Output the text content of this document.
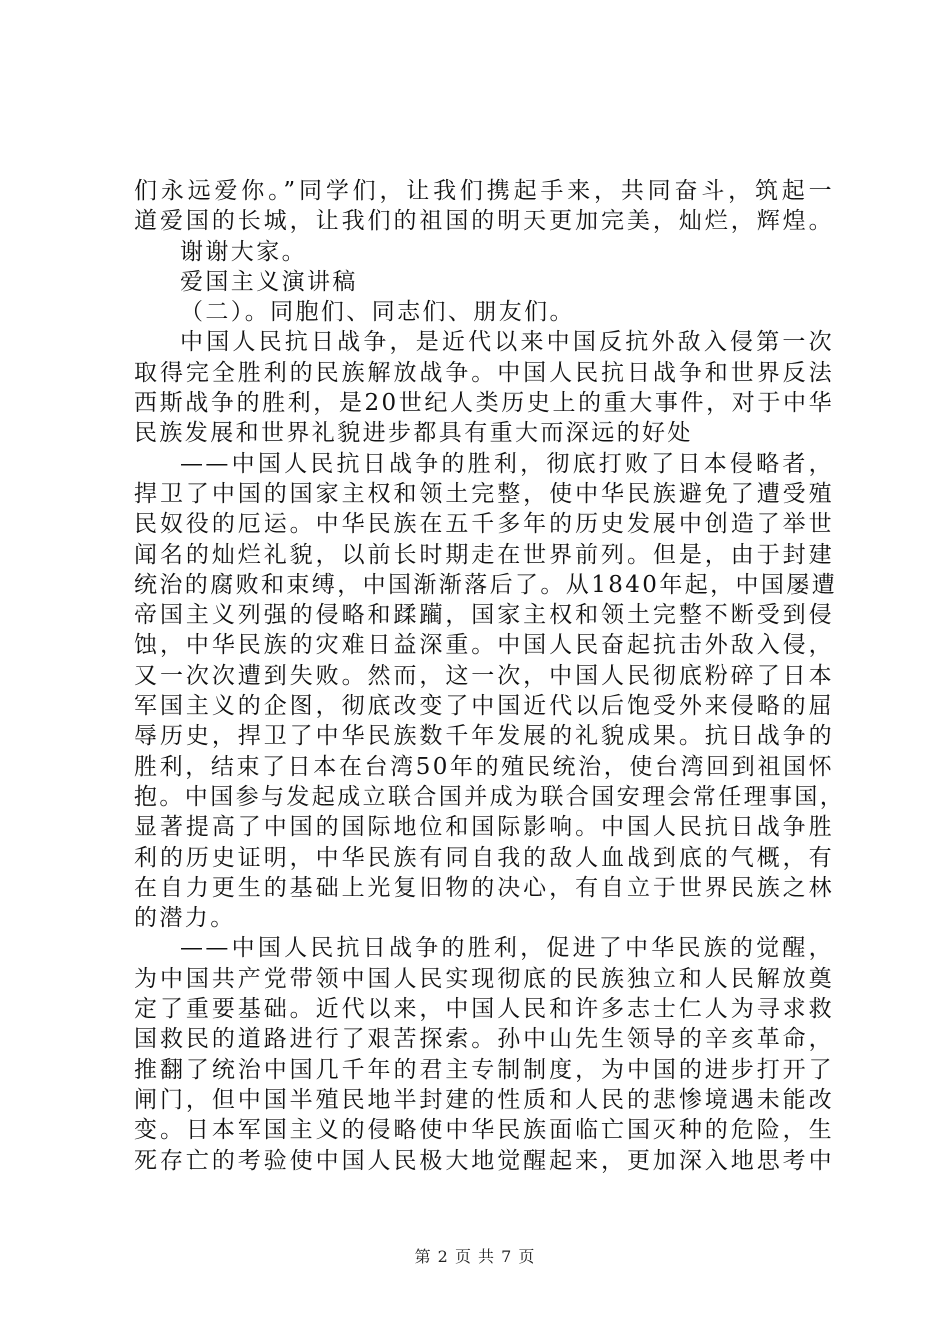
们永远爱你。”同学们，让我们携起手来，共同奋斗，筑起一
道爱国的长城，让我们的祖国的明天更加完美，灿烂，辉煌。
谢谢大家。
爱国主义演讲稿
（二）。同胞们、同志们、朋友们。
中国人民抗日战争，是近代以来中国反抗外敌入侵第一次
取得完全胜利的民族解放战争。中国人民抗日战争和世界反法
西斯战争的胜利，是20世纪人类历史上的重大事件，对于中华
民族发展和世界礼貌进步都具有重大而深远的好处
——中国人民抗日战争的胜利，彻底打败了日本侵略者，
捍卫了中国的国家主权和领土完整，使中华民族避免了遭受殖
民奴役的厄运。中华民族在五千多年的历史发展中创造了举世
闻名的灿烂礼貌，以前长时期走在世界前列。但是，由于封建
统治的腐败和束缚，中国渐渐落后了。从1840年起，中国屡遭
帝国主义列强的侵略和蹂躏，国家主权和领土完整不断受到侵
蚀，中华民族的灾难日益深重。中国人民奋起抗击外敌入侵，
又一次次遭到失败。然而，这一次，中国人民彻底粉碎了日本
军国主义的企图，彻底改变了中国近代以后饱受外来侵略的屈
辱历史，捍卫了中华民族数千年发展的礼貌成果。抗日战争的
胜利，结束了日本在台湾50年的殖民统治，使台湾回到祖国怀
抱。中国参与发起成立联合国并成为联合国安理会常任理事国，
显著提高了中国的国际地位和国际影响。中国人民抗日战争胜
利的历史证明，中华民族有同自我的敌人血战到底的气概，有
在自力更生的基础上光复旧物的决心，有自立于世界民族之林
的潜力。
——中国人民抗日战争的胜利，促进了中华民族的觉醒，
为中国共产党带领中国人民实现彻底的民族独立和人民解放奠
定了重要基础。近代以来，中国人民和许多志士仁人为寻求救
国救民的道路进行了艰苦探索。孙中山先生领导的辛亥革命，
推翻了统治中国几千年的君主专制制度，为中国的进步打开了
闸门，但中国半殖民地半封建的性质和人民的悲惨境遇未能改
变。日本军国主义的侵略使中华民族面临亡国灭种的危险，生
死存亡的考验使中国人民极大地觉醒起来，更加深入地思考中
第 2 页 共 7 页
